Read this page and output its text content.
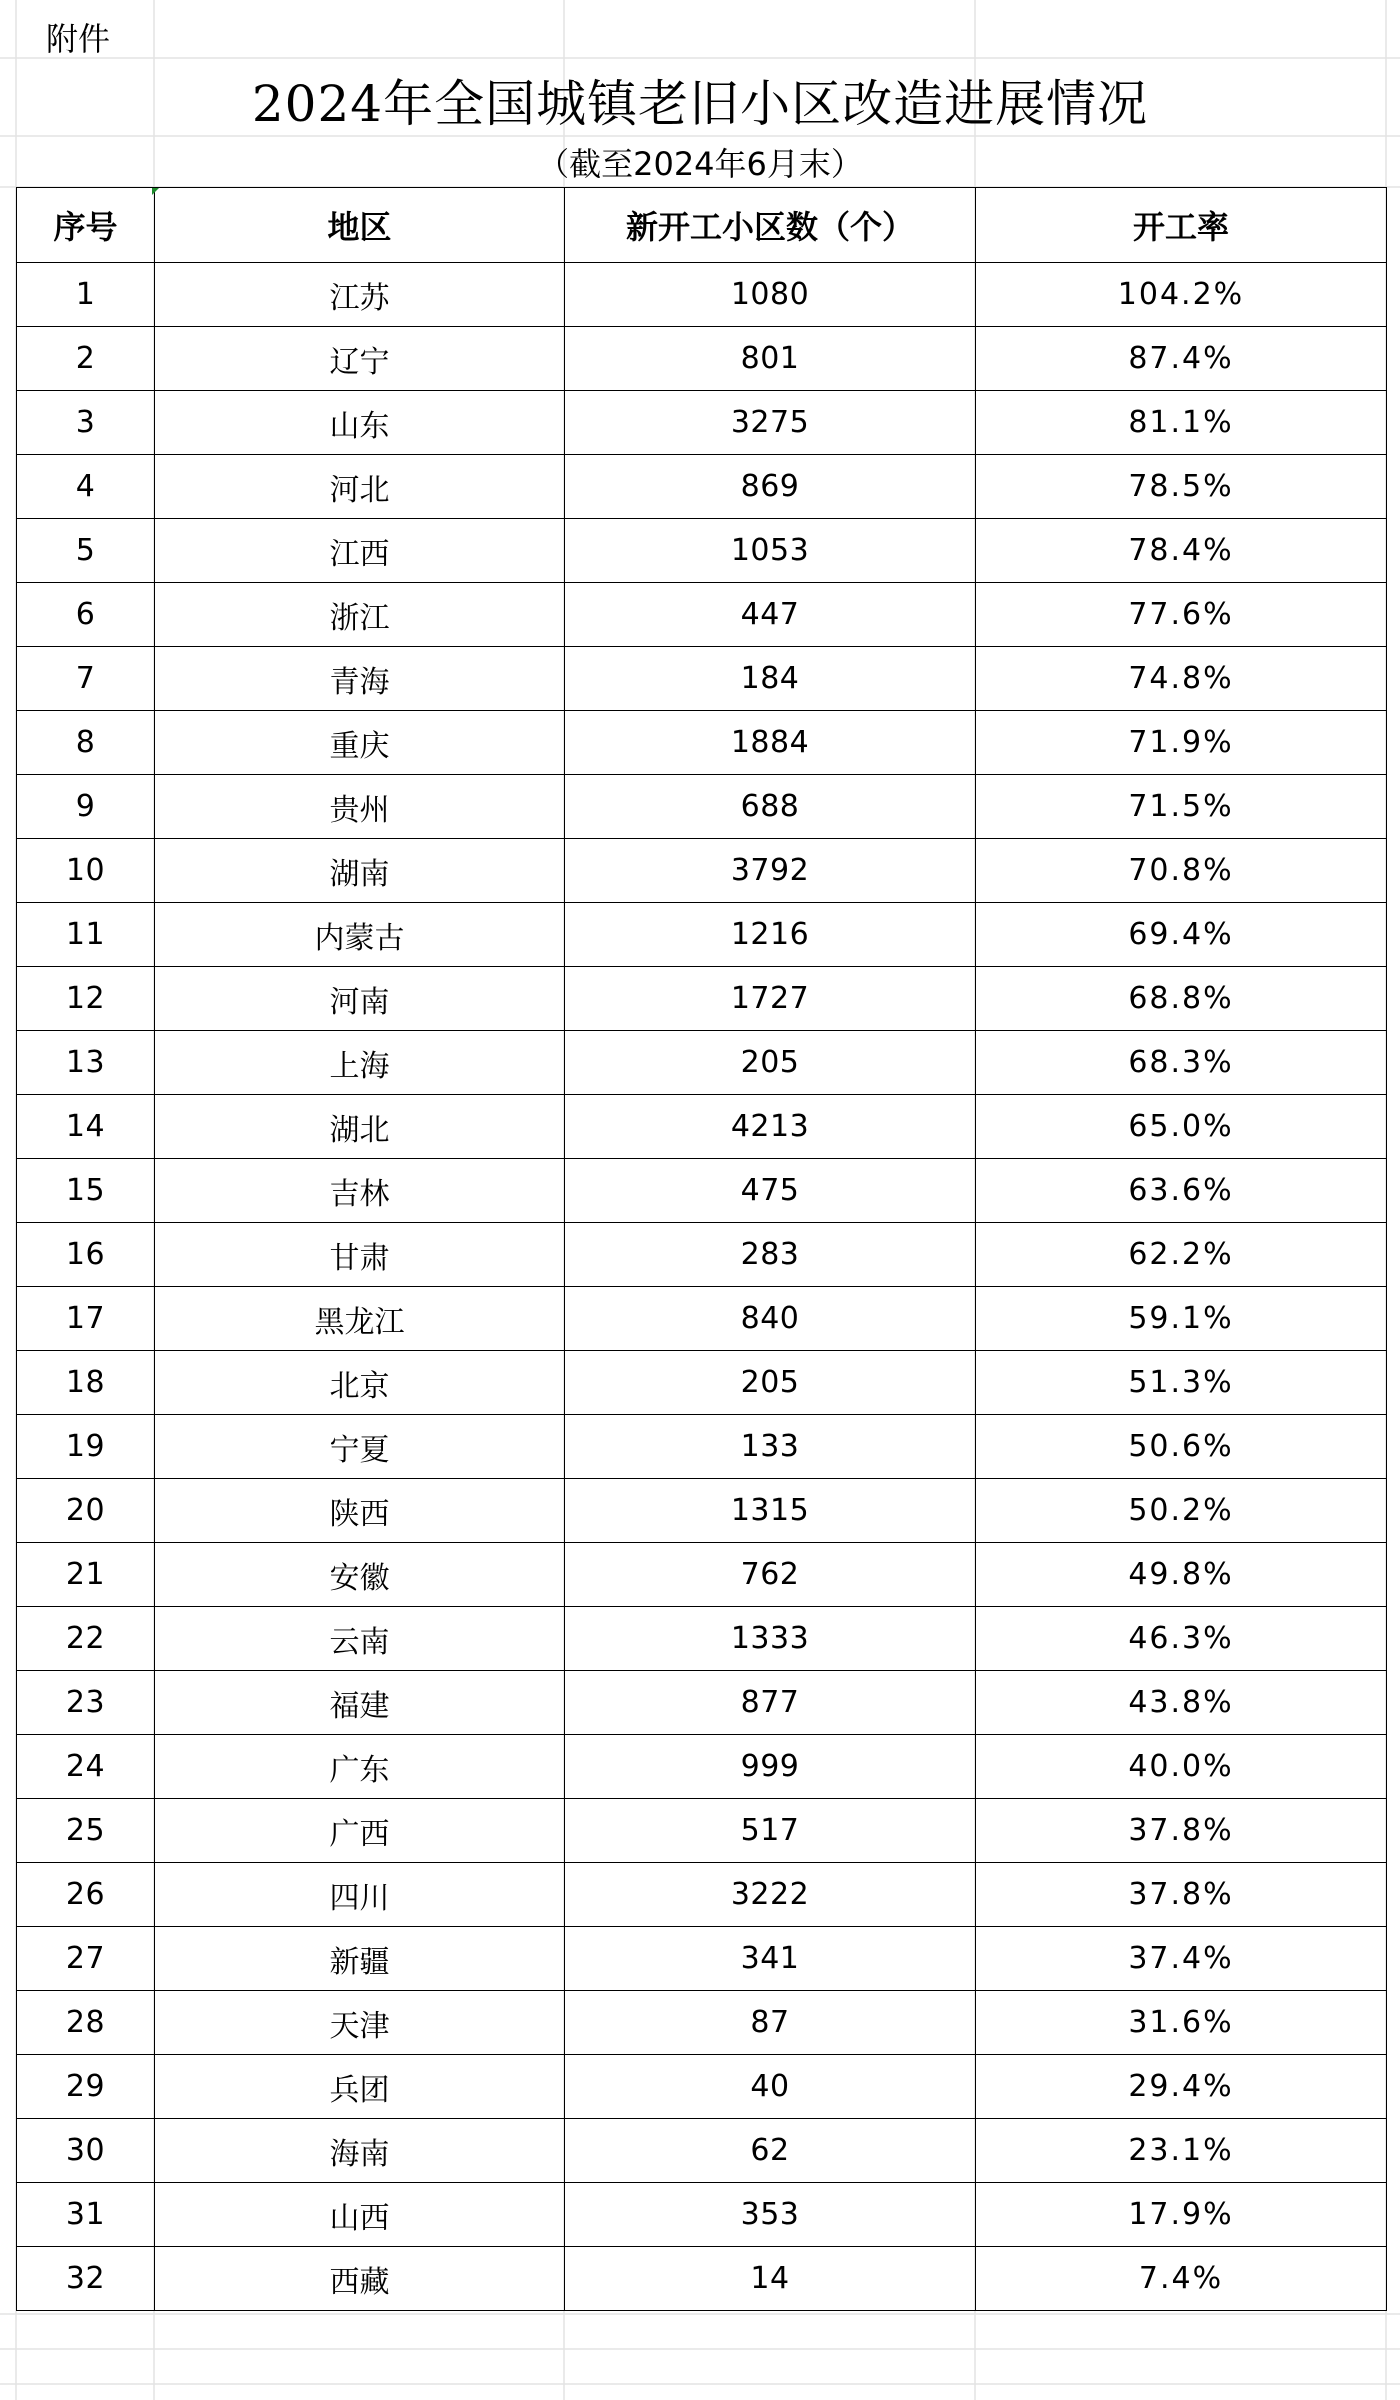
附件
2024年全国城镇老旧小区改造进展情况
（截至2024年6月末）
序号	地区	新开工小区数（个）	开工率
1	江苏	1080	104.2%
2	辽宁	801	87.4%
3	山东	3275	81.1%
4	河北	869	78.5%
5	江西	1053	78.4%
6	浙江	447	77.6%
7	青海	184	74.8%
8	重庆	1884	71.9%
9	贵州	688	71.5%
10	湖南	3792	70.8%
11	内蒙古	1216	69.4%
12	河南	1727	68.8%
13	上海	205	68.3%
14	湖北	4213	65.0%
15	吉林	475	63.6%
16	甘肃	283	62.2%
17	黑龙江	840	59.1%
18	北京	205	51.3%
19	宁夏	133	50.6%
20	陕西	1315	50.2%
21	安徽	762	49.8%
22	云南	1333	46.3%
23	福建	877	43.8%
24	广东	999	40.0%
25	广西	517	37.8%
26	四川	3222	37.8%
27	新疆	341	37.4%
28	天津	87	31.6%
29	兵团	40	29.4%
30	海南	62	23.1%
31	山西	353	17.9%
32	西藏	14	7.4%
